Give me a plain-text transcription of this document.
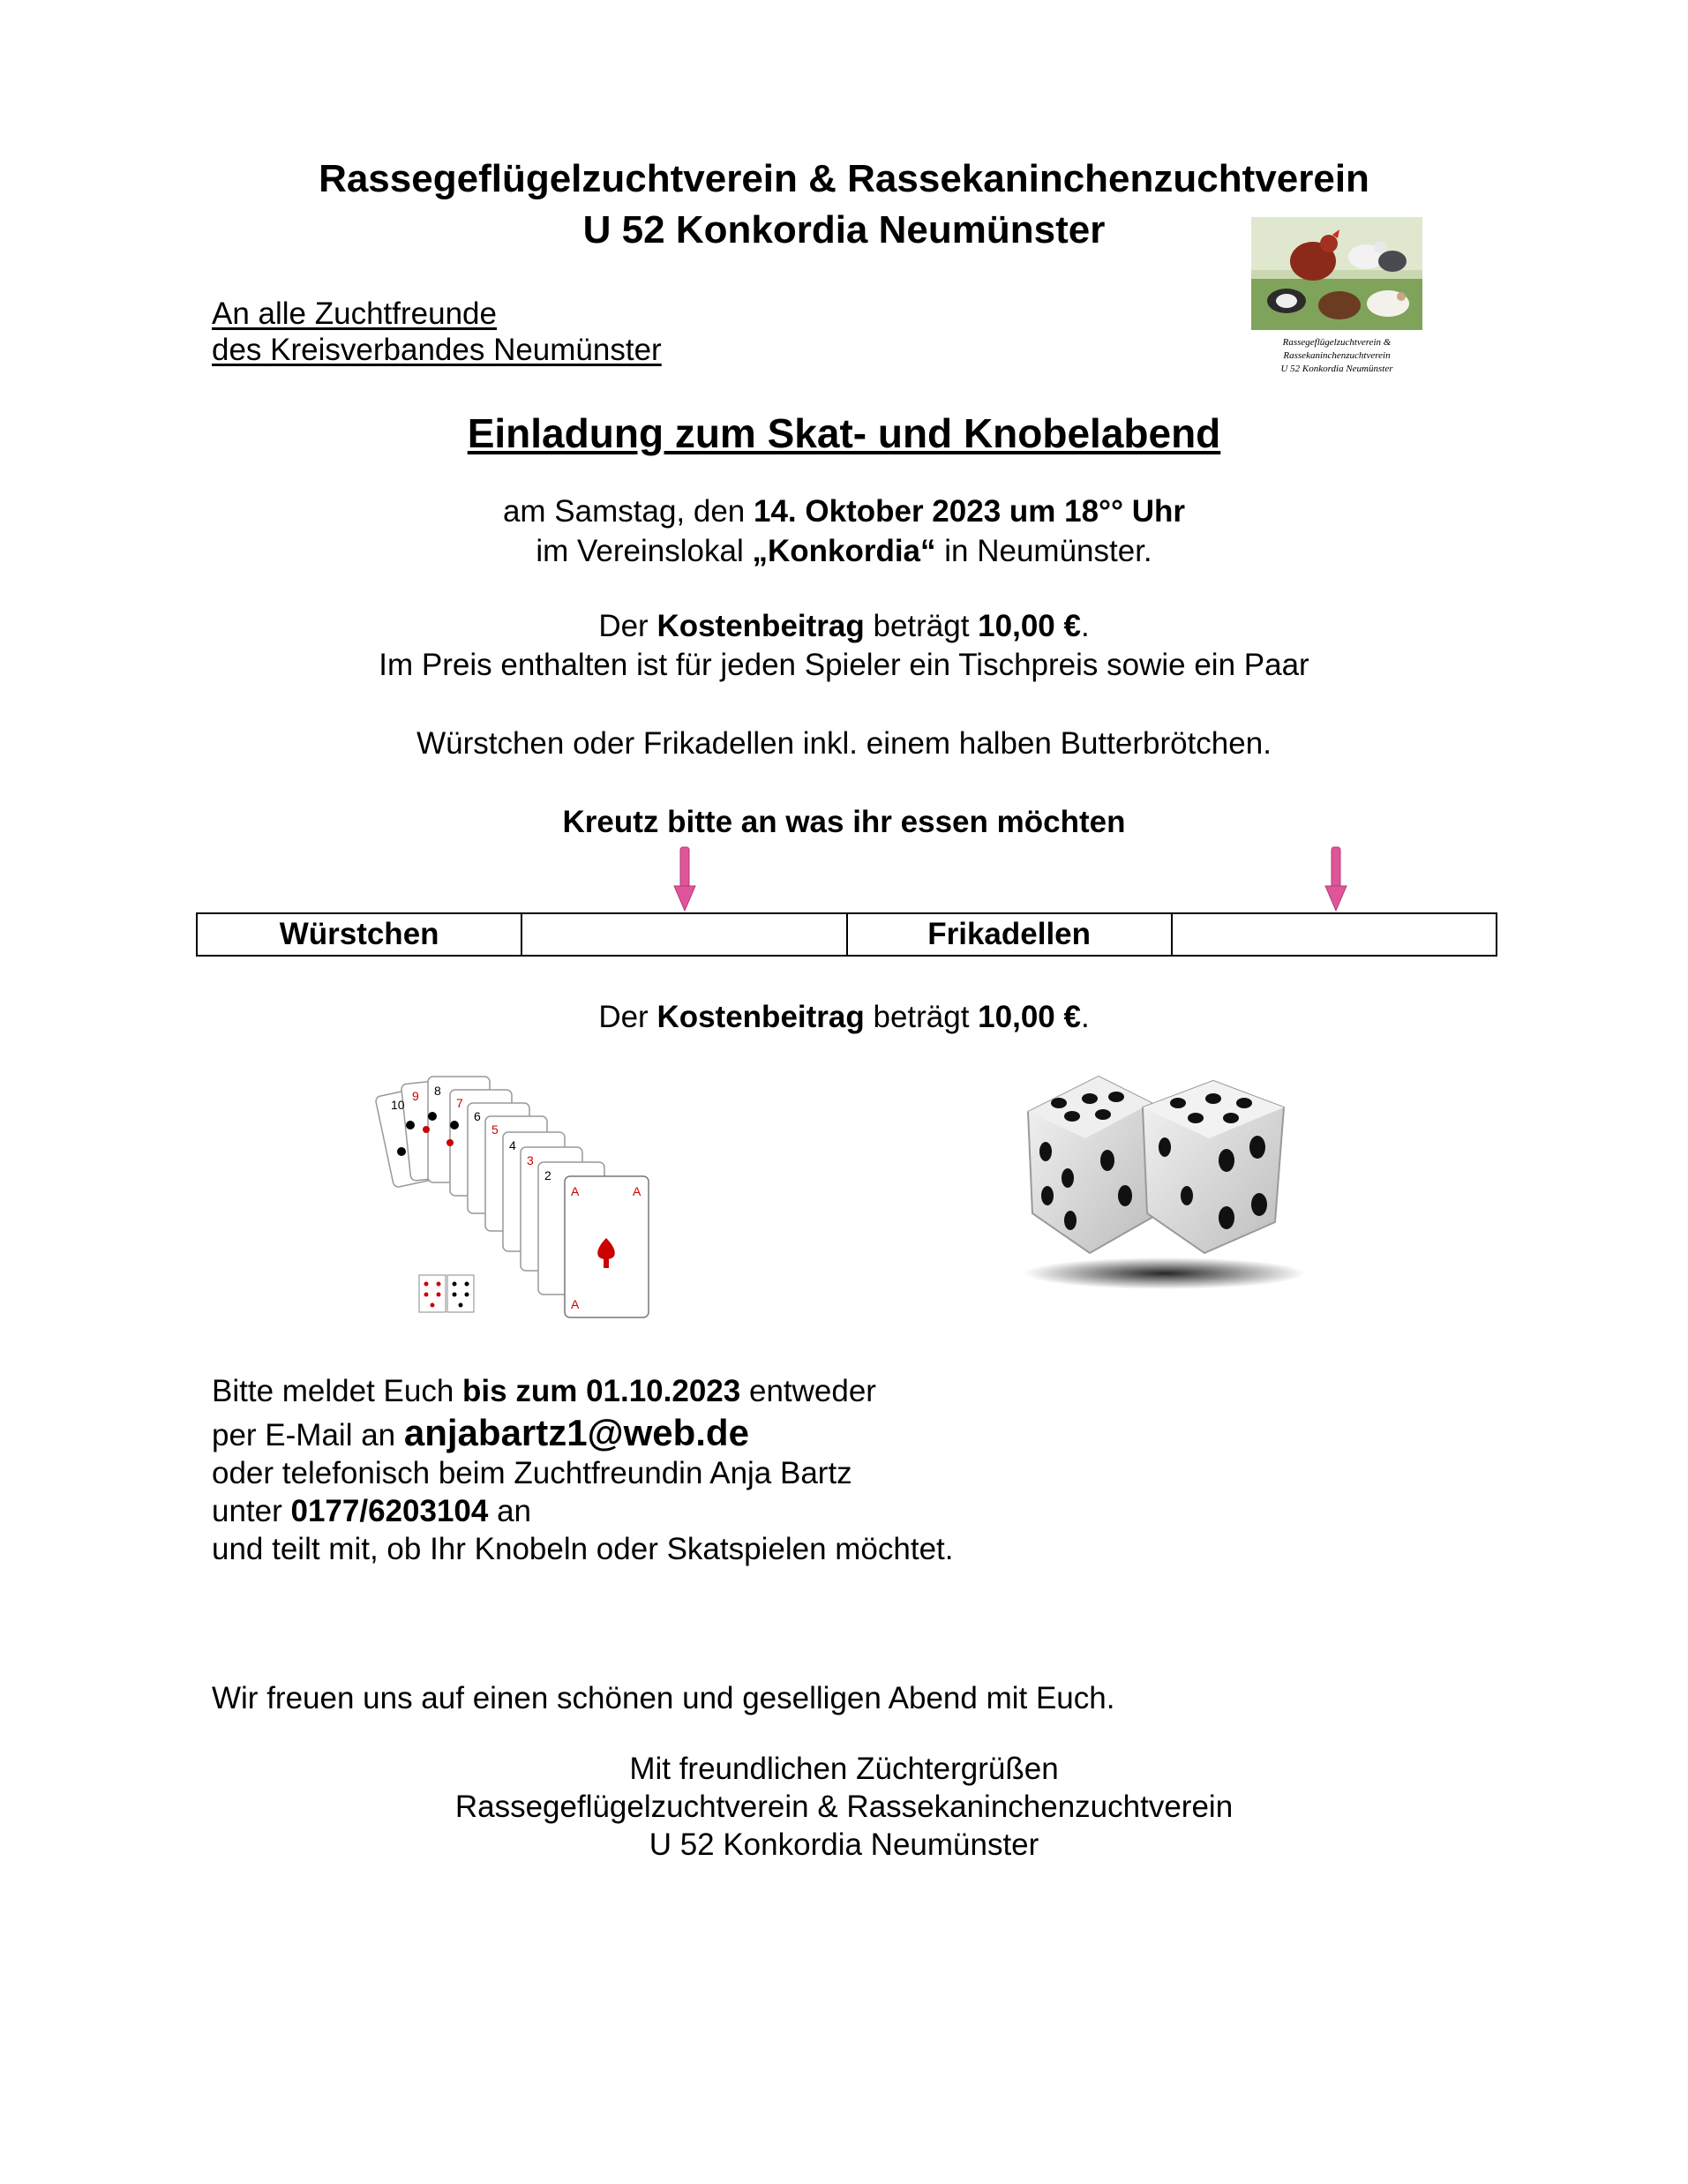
Rassegeflügelzuchtverein & Rassekaninchenzuchtverein
U 52 Konkordia Neumünster
Rassegeflügelzuchtverein &
Rassekaninchenzuchtverein
U 52 Konkordia Neumünster
An alle Zuchtfreunde
des Kreisverbandes Neumünster
Einladung zum Skat- und Knobelabend
am Samstag, den 14. Oktober 2023 um 18°° Uhr
im Vereinslokal „Konkordia“ in Neumünster.
Der Kostenbeitrag beträgt 10,00 €.
Im Preis enthalten ist für jeden Spieler ein Tischpreis sowie ein Paar
Würstchen oder Frikadellen inkl. einem halben Butterbrötchen.
Kreutz bitte an was ihr essen möchten
Würstchen		Frikadellen	
Der Kostenbeitrag beträgt 10,00 €.
10
9 8
7
6
5
4
3
2
A
A
A
Bitte meldet Euch bis zum 01.10.2023 entweder
per E-Mail an anjabartz1@web.de
oder telefonisch beim Zuchtfreundin Anja Bartz
unter 0177/6203104 an
und teilt mit, ob Ihr Knobeln oder Skatspielen möchtet.
Wir freuen uns auf einen schönen und geselligen Abend mit Euch.
Mit freundlichen Züchtergrüßen
Rassegeflügelzuchtverein & Rassekaninchenzuchtverein
U 52 Konkordia Neumünster
